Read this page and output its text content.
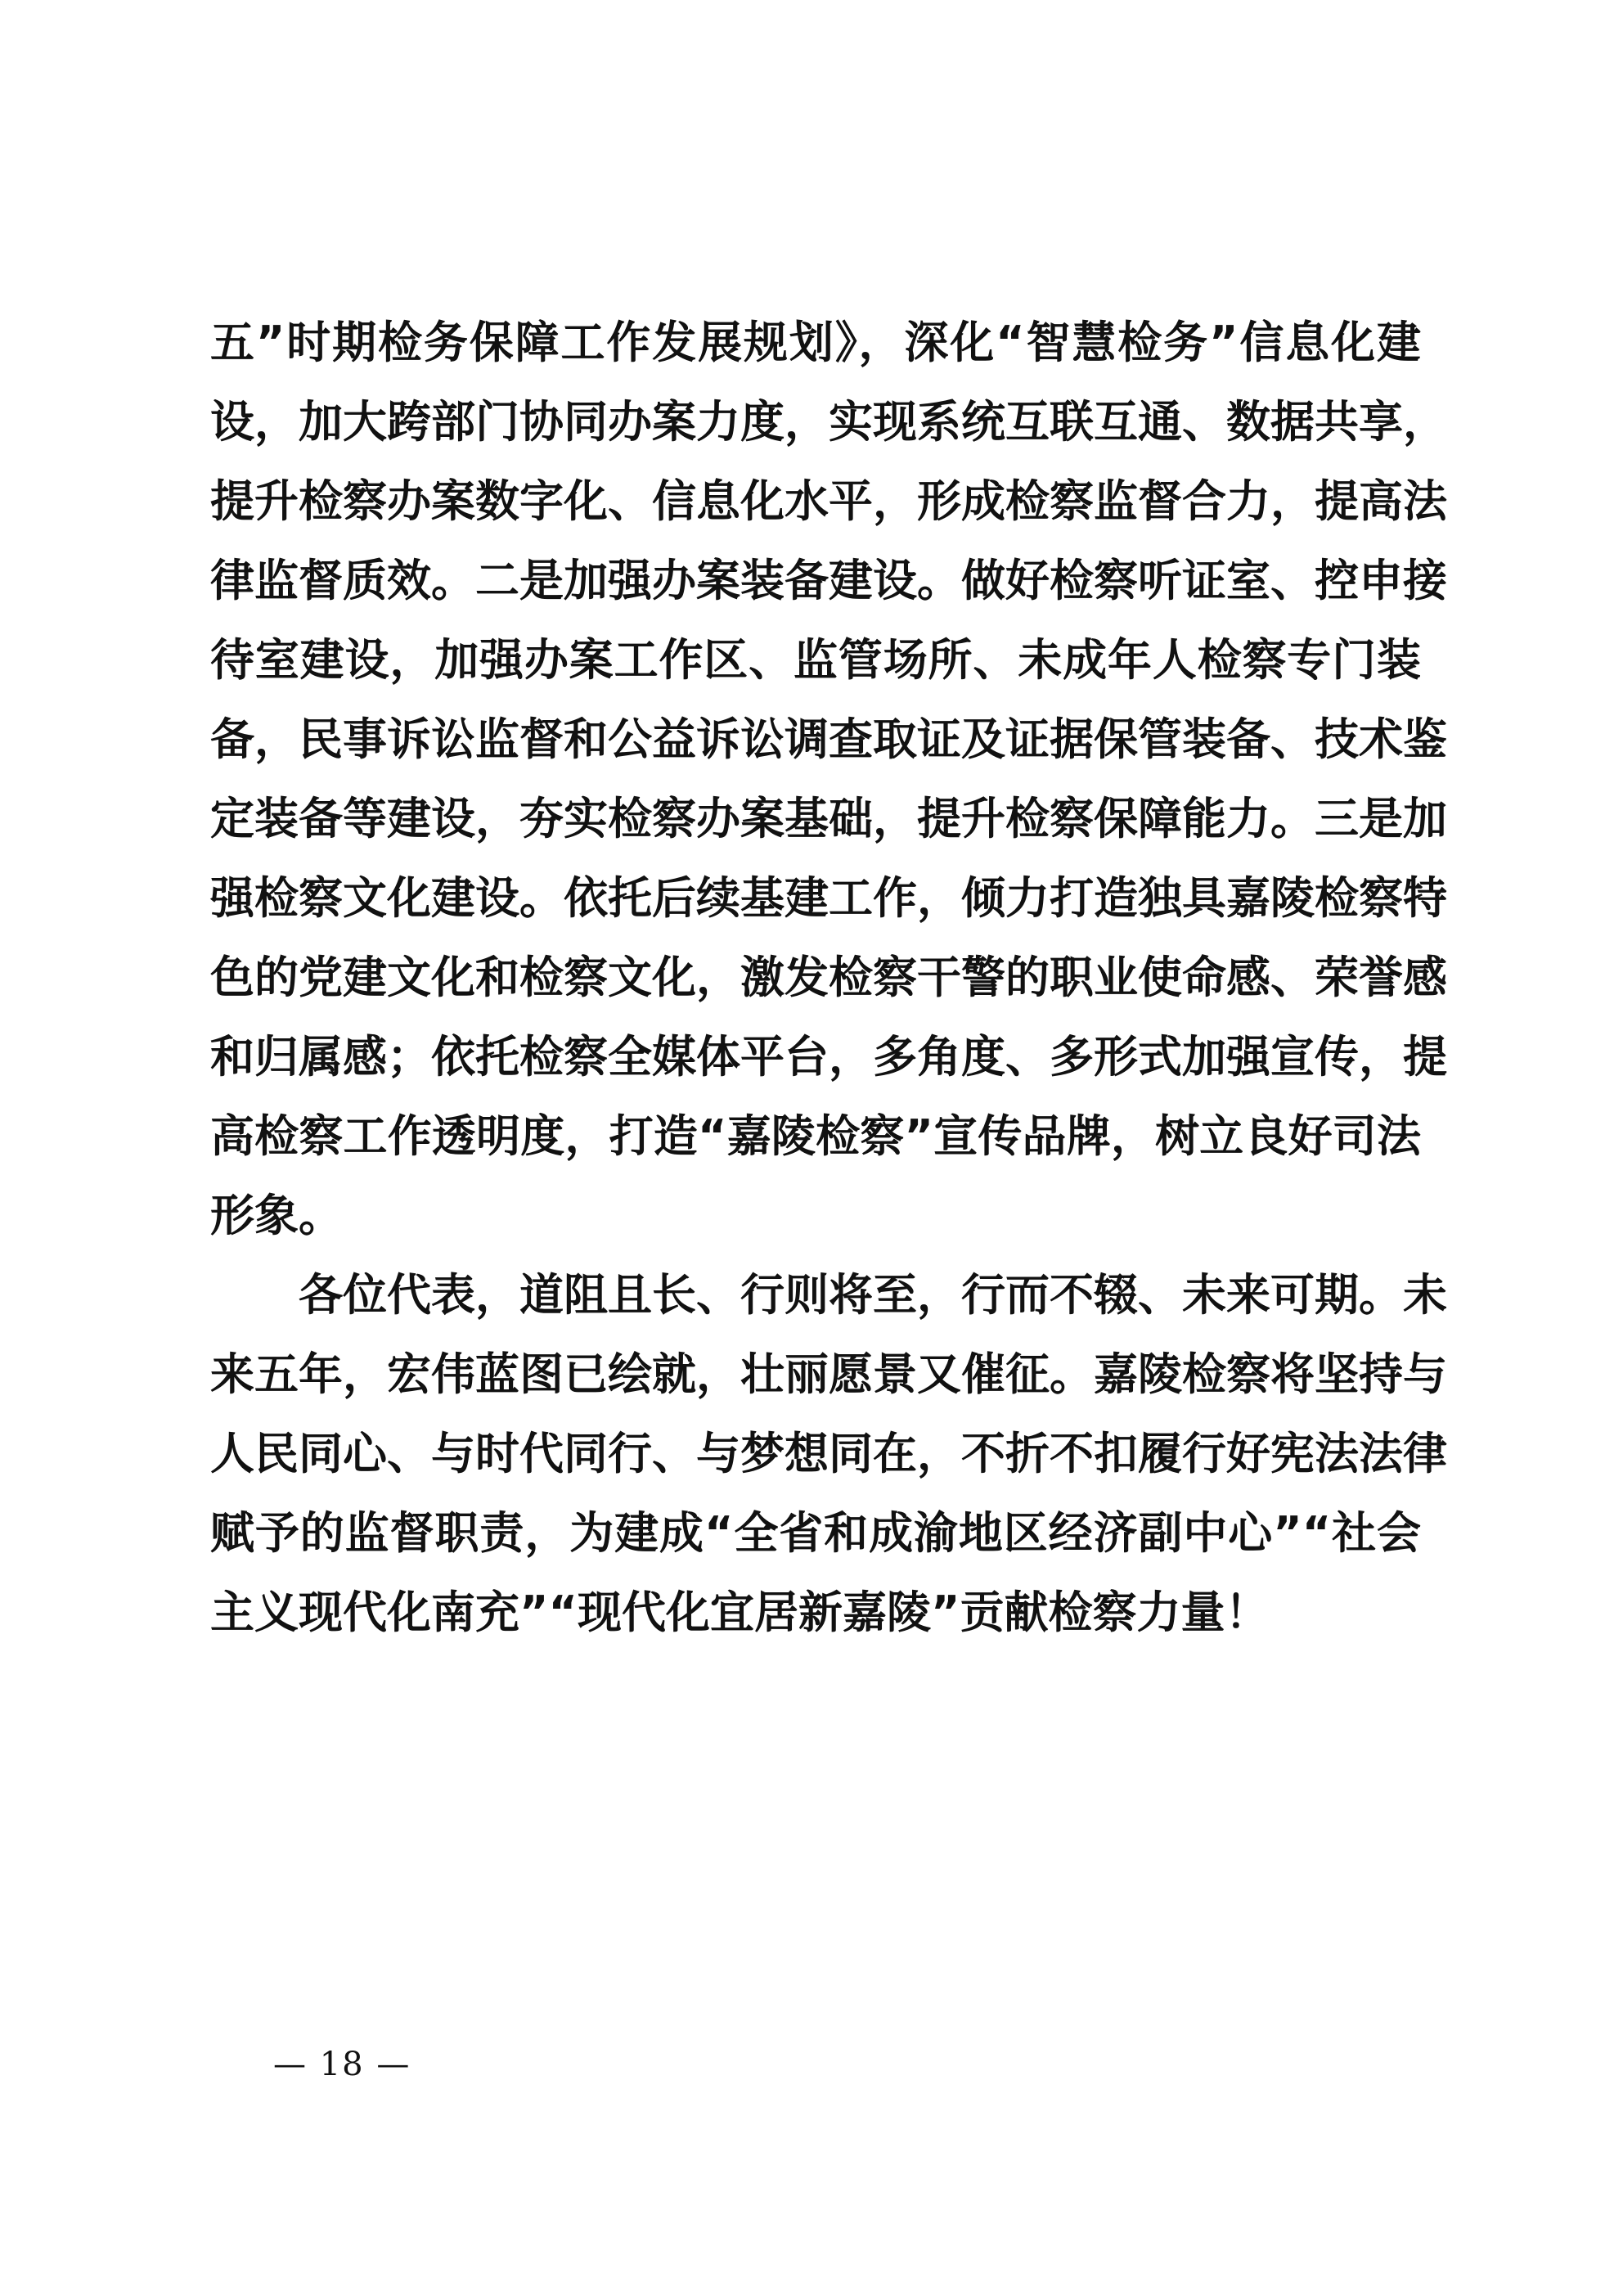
五”时期检务保障工作发展规划》，深化“智慧检务”信息化建
设，加大跨部门协同办案力度，实现系统互联互通、数据共享，
提升检察办案数字化、信息化水平，形成检察监督合力，提高法
律监督质效。二是加强办案装备建设。做好检察听证室、控申接
待室建设，加强办案工作区、监管场所、未成年人检察专门装
备，民事诉讼监督和公益诉讼调查取证及证据保管装备、技术鉴
定装备等建设，夯实检察办案基础，提升检察保障能力。三是加
强检察文化建设。依托后续基建工作，倾力打造独具嘉陵检察特
色的党建文化和检察文化，激发检察干警的职业使命感、荣誉感
和归属感；依托检察全媒体平台，多角度、多形式加强宣传，提
高检察工作透明度，打造“嘉陵检察”宣传品牌，树立良好司法
形象。
　　各位代表，道阻且长、行则将至，行而不辍、未来可期。未
来五年，宏伟蓝图已绘就，壮丽愿景又催征。嘉陵检察将坚持与
人民同心、与时代同行、与梦想同在，不折不扣履行好宪法法律
赋予的监督职责，为建成“全省和成渝地区经济副中心”“社会
主义现代化南充”“现代化宜居新嘉陵”贡献检察力量！
— 18 —
